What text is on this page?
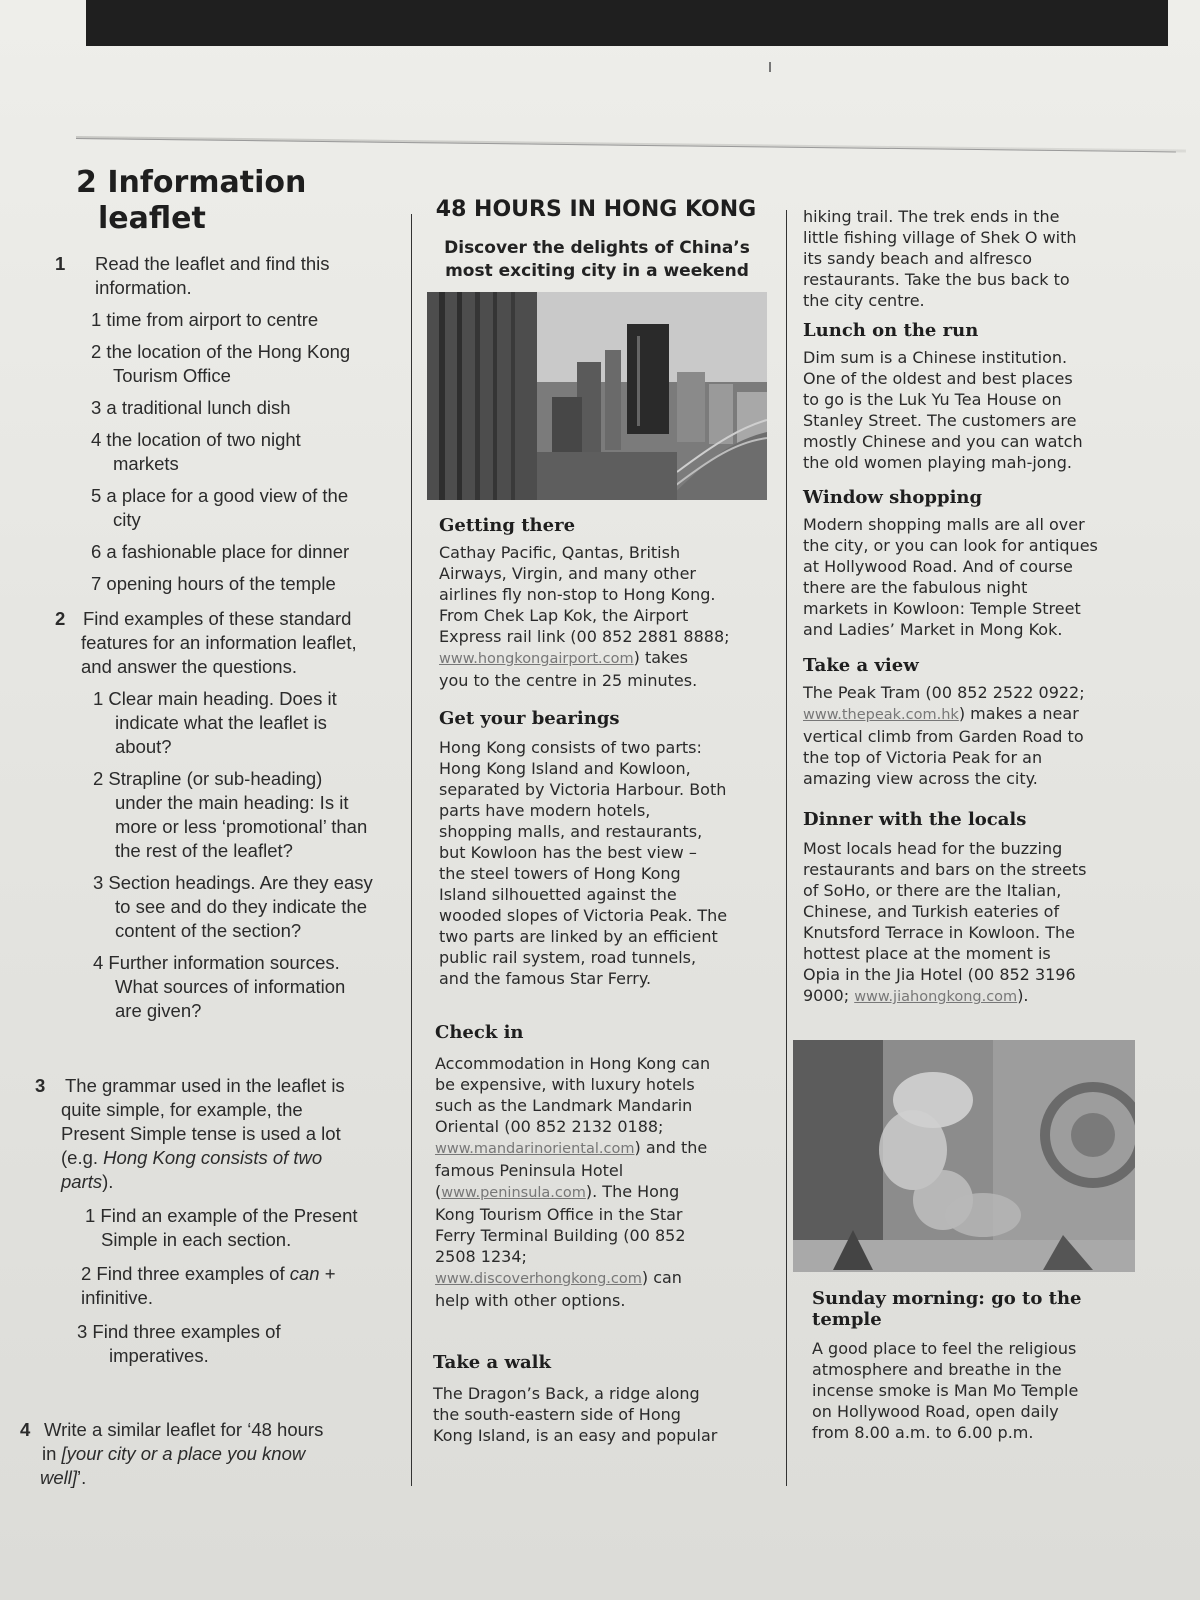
2 Information
leaflet
1 Read the leaflet and find this
information.
1 time from airport to centre
2 the location of the Hong Kong
Tourism Office
3 a traditional lunch dish
4 the location of two night
markets
5 a place for a good view of the
city
6 a fashionable place for dinner
7 opening hours of the temple
2 Find examples of these standard
features for an information leaflet,
and answer the questions.
1 Clear main heading. Does it
indicate what the leaflet is
about?
2 Strapline (or sub-heading)
under the main heading: Is it
more or less ‘promotional’ than
the rest of the leaflet?
3 Section headings. Are they easy
to see and do they indicate the
content of the section?
4 Further information sources.
What sources of information
are given?
3 The grammar used in the leaflet is
quite simple, for example, the
Present Simple tense is used a lot
(e.g. Hong Kong consists of two
parts).
1 Find an example of the Present
Simple in each section.
2 Find three examples of can +
infinitive.
3 Find three examples of
imperatives.
4 Write a similar leaflet for ‘48 hours
in [your city or a place you know
well]’.
48 HOURS IN HONG KONG
Discover the delights of China’s
most exciting city in a weekend
Getting there
Cathay Pacific, Qantas, British
Airways, Virgin, and many other
airlines fly non-stop to Hong Kong.
From Chek Lap Kok, the Airport
Express rail link (00 852 2881 8888;
www.hongkongairport.com) takes
you to the centre in 25 minutes.
Get your bearings
Hong Kong consists of two parts:
Hong Kong Island and Kowloon,
separated by Victoria Harbour. Both
parts have modern hotels,
shopping malls, and restaurants,
but Kowloon has the best view –
the steel towers of Hong Kong
Island silhouetted against the
wooded slopes of Victoria Peak. The
two parts are linked by an efficient
public rail system, road tunnels,
and the famous Star Ferry.
Check in
Accommodation in Hong Kong can
be expensive, with luxury hotels
such as the Landmark Mandarin
Oriental (00 852 2132 0188;
www.mandarinoriental.com) and the
famous Peninsula Hotel
(www.peninsula.com). The Hong
Kong Tourism Office in the Star
Ferry Terminal Building (00 852
2508 1234;
www.discoverhongkong.com) can
help with other options.
Take a walk
The Dragon’s Back, a ridge along
the south-eastern side of Hong
Kong Island, is an easy and popular
hiking trail. The trek ends in the
little fishing village of Shek O with
its sandy beach and alfresco
restaurants. Take the bus back to
the city centre.
Lunch on the run
Dim sum is a Chinese institution.
One of the oldest and best places
to go is the Luk Yu Tea House on
Stanley Street. The customers are
mostly Chinese and you can watch
the old women playing mah-jong.
Window shopping
Modern shopping malls are all over
the city, or you can look for antiques
at Hollywood Road. And of course
there are the fabulous night
markets in Kowloon: Temple Street
and Ladies’ Market in Mong Kok.
Take a view
The Peak Tram (00 852 2522 0922;
www.thepeak.com.hk) makes a near
vertical climb from Garden Road to
the top of Victoria Peak for an
amazing view across the city.
Dinner with the locals
Most locals head for the buzzing
restaurants and bars on the streets
of SoHo, or there are the Italian,
Chinese, and Turkish eateries of
Knutsford Terrace in Kowloon. The
hottest place at the moment is
Opia in the Jia Hotel (00 852 3196
9000; www.jiahongkong.com).
Sunday morning: go to the
temple
A good place to feel the religious
atmosphere and breathe in the
incense smoke is Man Mo Temple
on Hollywood Road, open daily
from 8.00 a.m. to 6.00 p.m.
